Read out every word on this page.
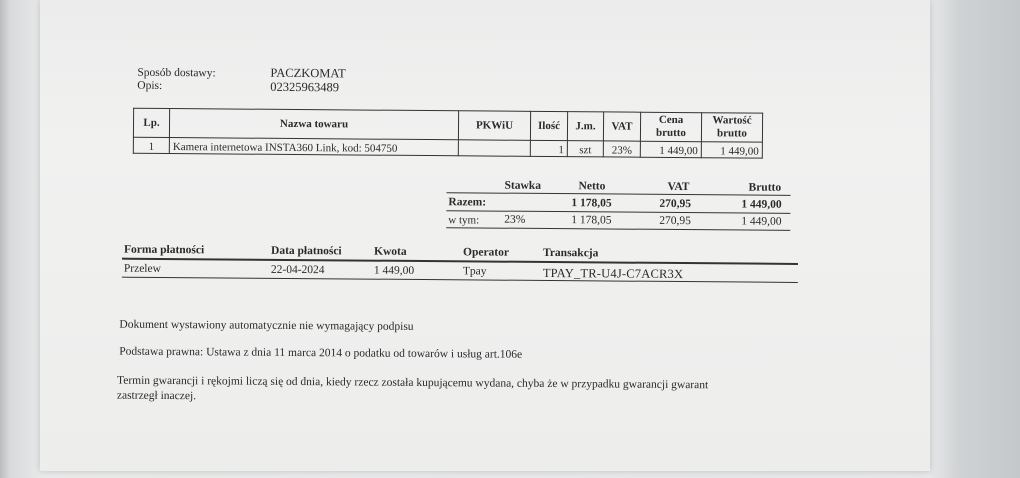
Sposób dostawy:	PACZKOMAT
Opis:	02325963489
Lp.	Nazwa towaru	PKWiU	Ilość	J.m.	VAT	Cena brutto	Wartość brutto
1	Kamera internetowa INSTA360 Link, kod: 504750		1	szt	23%	1 449,00	1 449,00
Stawka	Netto	VAT	Brutto
Razem:	1 178,05	270,95	1 449,00
w tym: 23%	1 178,05	270,95	1 449,00
Forma płatności	Data płatności	Kwota	Operator	Transakcja
Przelew	22-04-2024	1 449,00	Tpay	TPAY_TR-U4J-C7ACR3X
Dokument wystawiony automatycznie nie wymagający podpisu
Podstawa prawna: Ustawa z dnia 11 marca 2014 o podatku od towarów i usług art.106e
Termin gwarancji i rękojmi liczą się od dnia, kiedy rzecz została kupującemu wydana, chyba że w przypadku gwarancji gwarant
zastrzegł inaczej.
